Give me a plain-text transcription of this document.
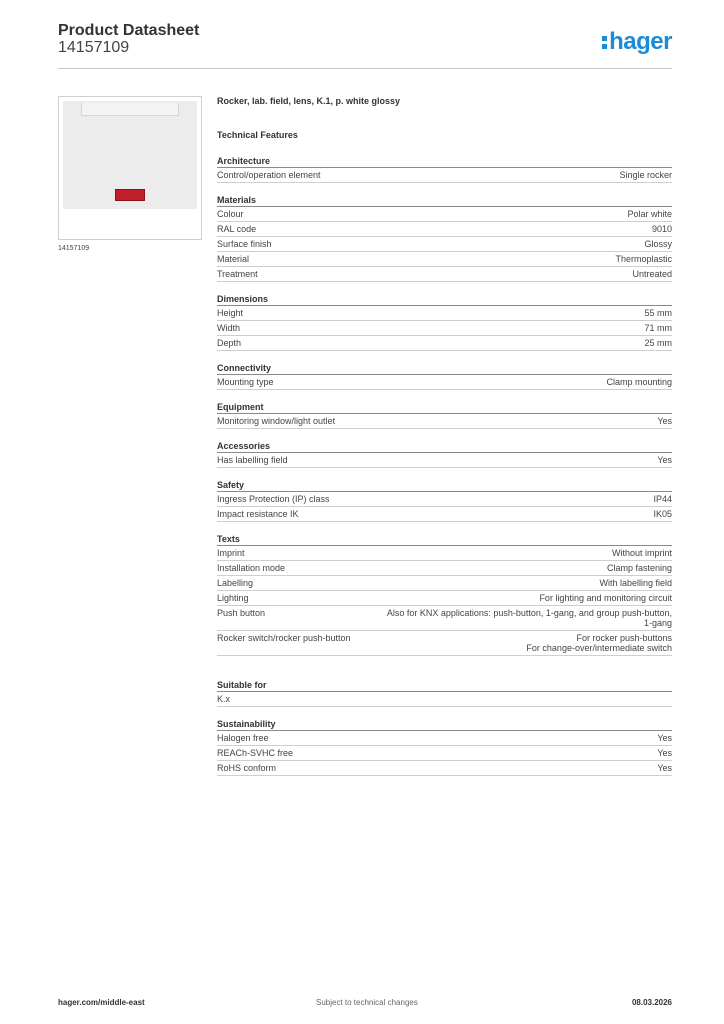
Product Datasheet
14157109	hager
14157109
Rocker, lab. field, lens, K.1, p. white glossy
Technical Features
Architecture
Control/operation element	Single rocker
Materials
Colour	Polar white
RAL code	9010
Surface finish	Glossy
Material	Thermoplastic
Treatment	Untreated
Dimensions
Height	55 mm
Width	71 mm
Depth	25 mm
Connectivity
Mounting type	Clamp mounting
Equipment
Monitoring window/light outlet	Yes
Accessories
Has labelling field	Yes
Safety
Ingress Protection (IP) class	IP44
Impact resistance IK	IK05
Texts
Imprint	Without imprint
Installation mode	Clamp fastening
Labelling	With labelling field
Lighting	For lighting and monitoring circuit
Push button	Also for KNX applications: push-button, 1-gang, and group push-button,
1-gang
Rocker switch/rocker push-button	For rocker push-buttons
For change-over/intermediate switch
Suitable for
K.x
Sustainability
Halogen free	Yes
REACh-SVHC free	Yes
RoHS conform	Yes
hager.com/middle-east	Subject to technical changes	08.03.2026
